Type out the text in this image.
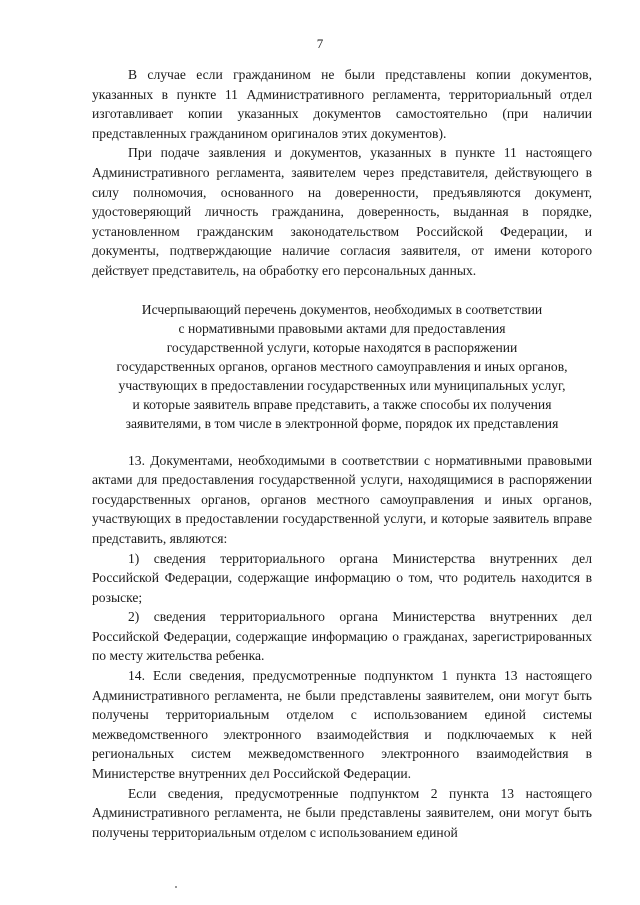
7

В случае если гражданином не были представлены копии документов, указанных в пункте 11 Административного регламента, территориальный отдел изготавливает копии указанных документов самостоятельно (при наличии представленных гражданином оригиналов этих документов).

При подаче заявления и документов, указанных в пункте 11 настоящего Административного регламента, заявителем через представителя, действующего в силу полномочия, основанного на доверенности, предъявляются документ, удостоверяющий личность гражданина, доверенность, выданная в порядке, установленном гражданским законодательством Российской Федерации, и документы, подтверждающие наличие согласия заявителя, от имени которого действует представитель, на обработку его персональных данных.

Исчерпывающий перечень документов, необходимых в соответствии
с нормативными правовыми актами для предоставления
государственной услуги, которые находятся в распоряжении
государственных органов, органов местного самоуправления и иных органов,
участвующих в предоставлении государственных или муниципальных услуг,
и которые заявитель вправе представить, а также способы их получения
заявителями, в том числе в электронной форме, порядок их представления

13. Документами, необходимыми в соответствии с нормативными правовыми актами для предоставления государственной услуги, находящимися в распоряжении государственных органов, органов местного самоуправления и иных органов, участвующих в предоставлении государственной услуги, и которые заявитель вправе представить, являются:

1) сведения территориального органа Министерства внутренних дел Российской Федерации, содержащие информацию о том, что родитель находится в розыске;

2) сведения территориального органа Министерства внутренних дел Российской Федерации, содержащие информацию о гражданах, зарегистрированных по месту жительства ребенка.

14. Если сведения, предусмотренные подпунктом 1 пункта 13 настоящего Административного регламента, не были представлены заявителем, они могут быть получены территориальным отделом с использованием единой системы межведомственного электронного взаимодействия и подключаемых к ней региональных систем межведомственного электронного взаимодействия в Министерстве внутренних дел Российской Федерации.

Если сведения, предусмотренные подпунктом 2 пункта 13 настоящего Административного регламента, не были представлены заявителем, они могут быть получены территориальным отделом с использованием единой
